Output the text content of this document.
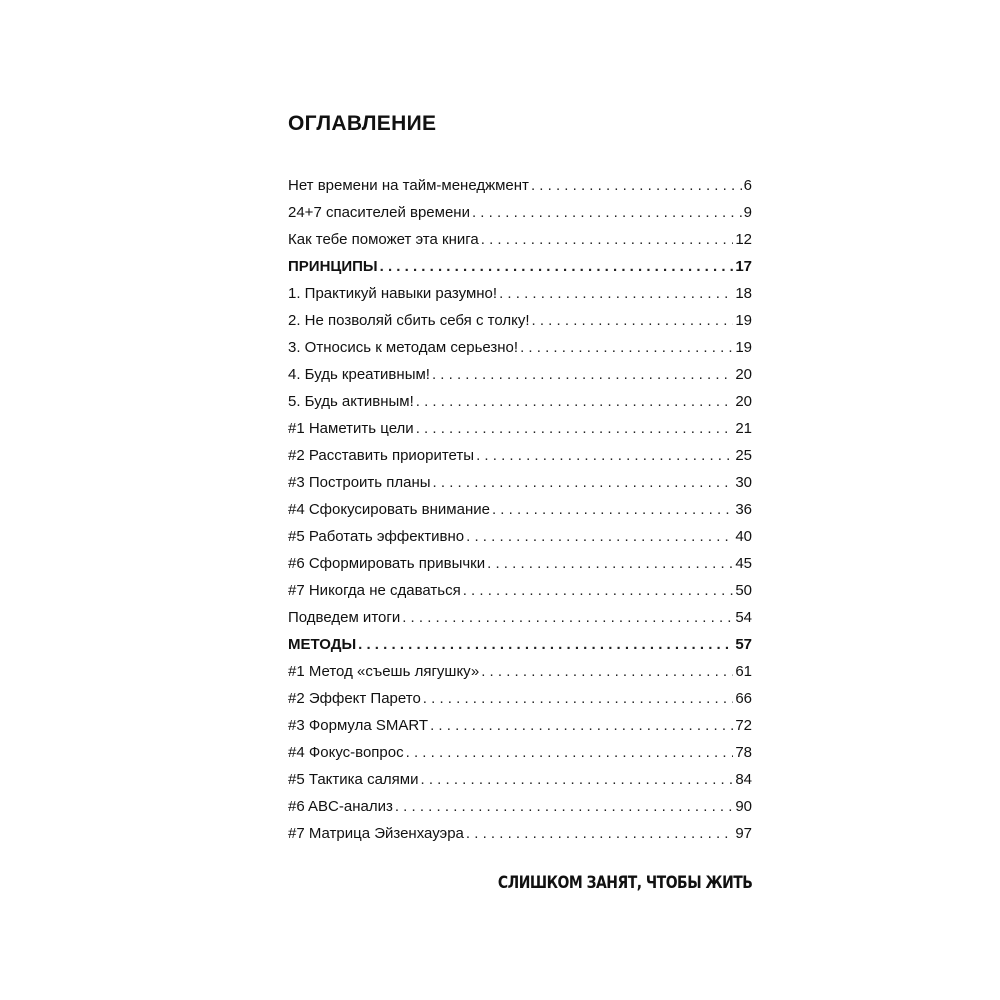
ОГЛАВЛЕНИЕ
Нет времени на тайм-менеджмент . . .	6
24+7 спасителей времени . . .	9
Как тебе поможет эта книга . . .	12
ПРИНЦИПЫ . . .	17
1. Практикуй навыки разумно! . . .	18
2. Не позволяй сбить себя с толку! . . .	19
3. Относись к методам серьезно! . . .	19
4. Будь креативным! . . .	20
5. Будь активным! . . .	20
#1 Наметить цели . . .	21
#2 Расставить приоритеты . . .	25
#3 Построить планы . . .	30
#4 Сфокусировать внимание . . .	36
#5 Работать эффективно . . .	40
#6 Сформировать привычки . . .	45
#7 Никогда не сдаваться . . .	50
Подведем итоги . . .	54
МЕТОДЫ . . .	57
#1 Метод «съешь лягушку» . . .	61
#2 Эффект Парето . . .	66
#3 Формула SMART . . .	72
#4 Фокус-вопрос . . .	78
#5 Тактика салями . . .	84
#6 ABC-анализ . . .	90
#7 Матрица Эйзенхауэра . . .	97

СЛИШКОМ ЗАНЯТ, ЧТОБЫ ЖИТЬ
